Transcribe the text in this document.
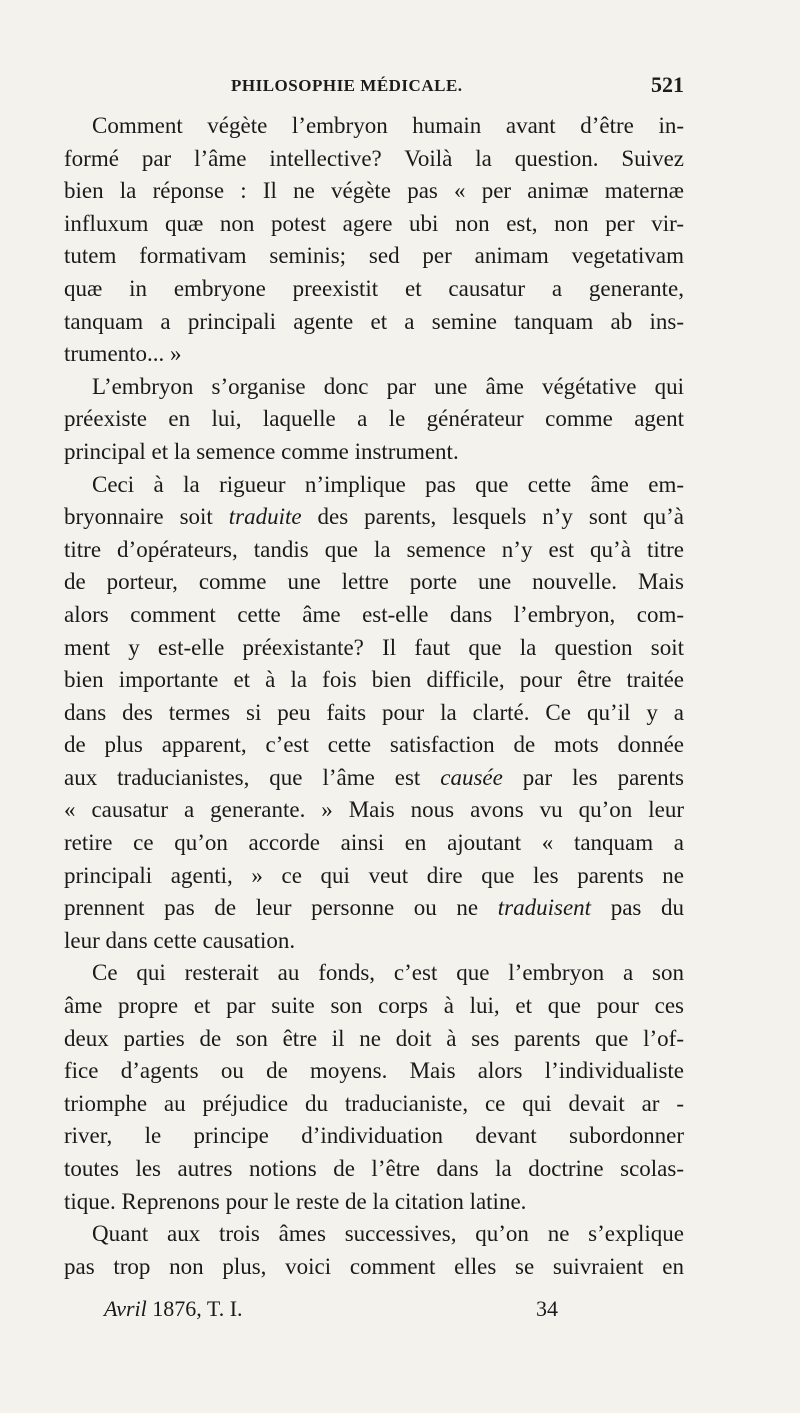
PHILOSOPHIE MÉDICALE.	521

Comment végète l’embryon humain avant d’être in-
formé par l’âme intellective? Voilà la question. Suivez
bien la réponse : Il ne végète pas « per animæ maternæ
influxum quæ non potest agere ubi non est, non per vir-
tutem formativam seminis; sed per animam vegetativam
quæ in embryone preexistit et causatur a generante,
tanquam a principali agente et a semine tanquam ab ins-
trumento... »

L’embryon s’organise donc par une âme végétative qui
préexiste en lui, laquelle a le générateur comme agent
principal et la semence comme instrument.

Ceci à la rigueur n’implique pas que cette âme em-
bryonnaire soit traduite des parents, lesquels n’y sont qu’à
titre d’opérateurs, tandis que la semence n’y est qu’à titre
de porteur, comme une lettre porte une nouvelle. Mais
alors comment cette âme est-elle dans l’embryon, com-
ment y est-elle préexistante? Il faut que la question soit
bien importante et à la fois bien difficile, pour être traitée
dans des termes si peu faits pour la clarté. Ce qu’il y a
de plus apparent, c’est cette satisfaction de mots donnée
aux traducianistes, que l’âme est causée par les parents
« causatur a generante. » Mais nous avons vu qu’on leur
retire ce qu’on accorde ainsi en ajoutant « tanquam a
principali agenti, » ce qui veut dire que les parents ne
prennent pas de leur personne ou ne traduisent pas du
leur dans cette causation.

Ce qui resterait au fonds, c’est que l’embryon a son
âme propre et par suite son corps à lui, et que pour ces
deux parties de son être il ne doit à ses parents que l’of-
fice d’agents ou de moyens. Mais alors l’individualiste
triomphe au préjudice du traducianiste, ce qui devait ar -
river, le principe d’individuation devant subordonner
toutes les autres notions de l’être dans la doctrine scolas-
tique. Reprenons pour le reste de la citation latine.

Quant aux trois âmes successives, qu’on ne s’explique
pas trop non plus, voici comment elles se suivraient en

Avril 1876, T. I.	34
